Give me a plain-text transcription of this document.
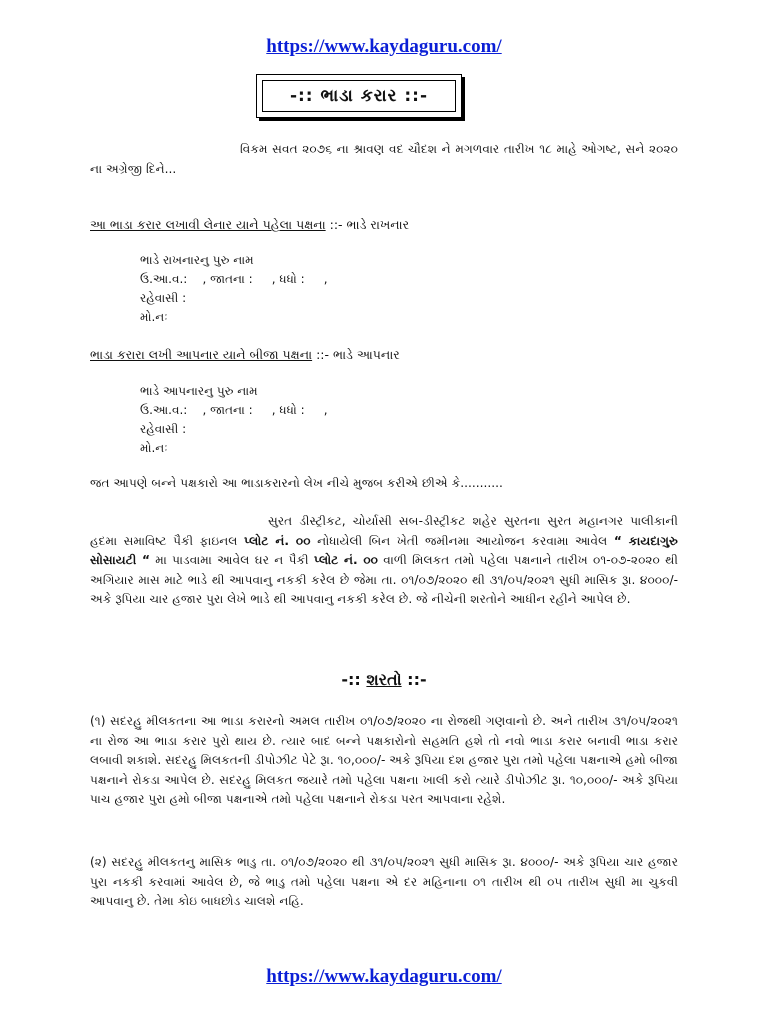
https://www.kaydaguru.com/
-:: ભાડા કરાર ::-

વિકમ સવત ૨૦૭૬ ના શ્રાવણ વદ ચૌદશ ને મગળવાર તારીખ ૧૮ માહે ઓગષ્ટ, સને ૨૦૨૦ ના અગ્રેજી દિને...

આ ભાડા કરાર લખાવી લેનાર યાને પહેલા પક્ષના ::- ભાડે રાખનાર
ભાડે રાખનારનુ પુરુ નામ
ઉ.આ.વ.:    , જાતના :     , ધધો :     ,
રહેવાસી :
મો.નઃ
ભાડા કરારા લખી આપનાર યાને બીજા પક્ષના ::- ભાડે આપનાર
ભાડે આપનારનુ પુરુ નામ
ઉ.આ.વ.:    , જાતના :     , ધધો :     ,
રહેવાસી :
મો.નઃ

જત આપણે બન્ને પક્ષકારો આ ભાડાકરારનો લેખ નીચે મુજબ કરીએ છીએ કે...........

સુરત ડીસ્ટ્રીકટ, ચોર્યાસી સબ-ડીસ્ટ્રીકટ શહેર સુરતના સુરત મહાનગર પાલીકાની હદમા સમાવિષ્ટ પૈકી ફાઇનલ પ્લોટ નં. ૦૦ નોધાયેલી બિન ખેતી જમીનમા આયોજન કરવામા આવેલ “ કાયદાગુરુ સોસાયટી “ મા પાડવામા આવેલ ઘર ન પૈકી પ્લોટ નં. ૦૦ વાળી મિલકત તમો પહેલા પક્ષનાને તારીખ ૦૧-૦૭-૨૦૨૦ થી અગિયાર માસ માટે ભાડે થી આપવાનુ નકકી કરેલ છે જેમા તા. ૦૧/૦૭/૨૦૨૦ થી ૩૧/૦૫/૨૦૨૧ સુધી માસિક રૂા. ૪૦૦૦/- અકે રૂપિયા ચાર હજાર પુરા લેખે ભાડે થી આપવાનુ નકકી કરેલ છે. જે નીચેની શરતોને આધીન રહીને આપેલ છે.

-:: શરતો ::-

(૧) સદરહુ મીલકતના આ ભાડા કરારનો અમલ તારીખ ૦૧/૦૭/૨૦૨૦ ના રોજથી ગણવાનો છે. અને તારીખ ૩૧/૦૫/૨૦૨૧ ના રોજ આ ભાડા કરાર પુરો થાય છે. ત્યાર બાદ બન્ને પક્ષકારોનો સહમતિ હશે તો નવો ભાડા કરાર બનાવી ભાડા કરાર લબાવી શકાશે. સદરહુ મિલકતની ડીપોઝીટ પેટે રૂા. ૧૦,૦૦૦/- અકે રૂપિયા દશ હજાર પુરા તમો પહેલા પક્ષનાએ હમો બીજા પક્ષનાને રોકડા આપેલ છે. સદરહુ મિલકત જયારે તમો પહેલા પક્ષના ખાલી કરો ત્યારે ડીપોઝીટ રૂા. ૧૦,૦૦૦/- અકે રૂપિયા પાચ હજાર પુરા હમો બીજા પક્ષનાએ તમો પહેલા પક્ષનાને રોકડા પરત આપવાના રહેશે.

(૨) સદરહુ મીલકતનુ માસિક ભાડુ તા. ૦૧/૦૭/૨૦૨૦ થી ૩૧/૦૫/૨૦૨૧ સુધી માસિક રૂા. ૪૦૦૦/- અકે રૂપિયા ચાર હજાર પુરા નકકી કરવામાં આવેલ છે, જે ભાડુ તમો પહેલા પક્ષના એ દર મહિનાના ૦૧ તારીખ થી ૦૫ તારીખ સુધી મા ચુકવી આપવાનુ છે. તેમા કોઇ બાધછોડ ચાલશે નહિ.

https://www.kaydaguru.com/
